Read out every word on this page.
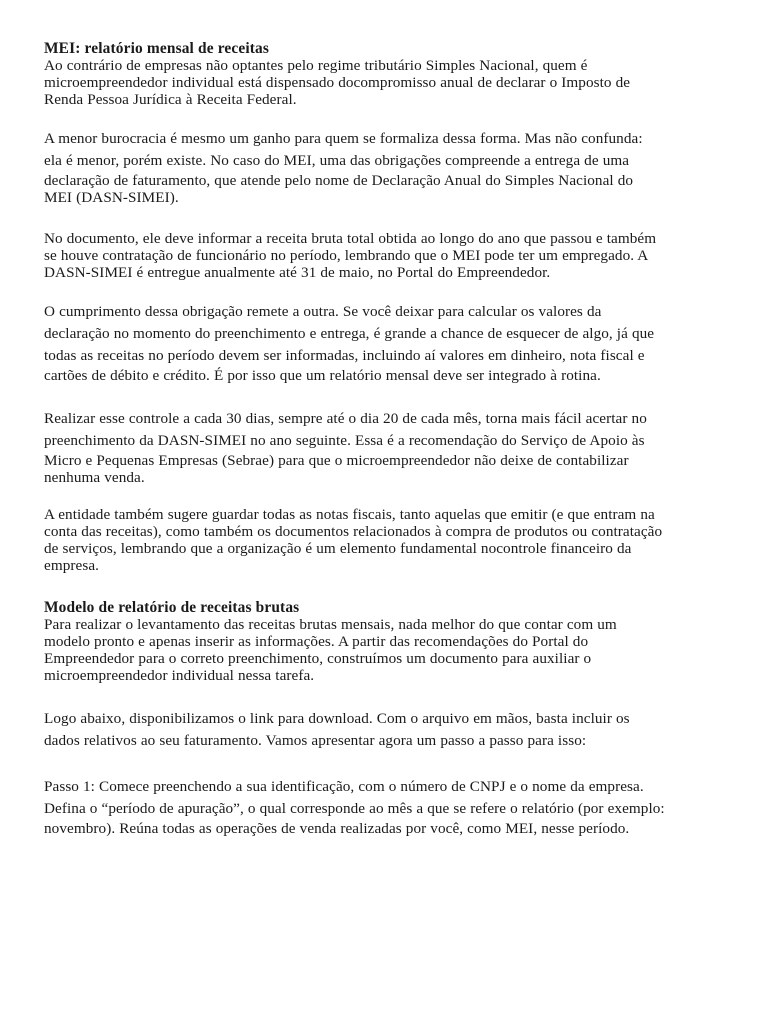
MEI: relatório mensal de receitas

Ao contrário de empresas não optantes pelo regime tributário Simples Nacional, quem é
microempreendedor individual está dispensado docompromisso anual de declarar o Imposto de
Renda Pessoa Jurídica à Receita Federal.

A menor burocracia é mesmo um ganho para quem se formaliza dessa forma. Mas não confunda:
ela é menor, porém existe. No caso do MEI, uma das obrigações compreende a entrega de uma
declaração de faturamento, que atende pelo nome de Declaração Anual do Simples Nacional do
MEI (DASN-SIMEI).

No documento, ele deve informar a receita bruta total obtida ao longo do ano que passou e também
se houve contratação de funcionário no período, lembrando que o MEI pode ter um empregado. A
DASN-SIMEI é entregue anualmente até 31 de maio, no Portal do Empreendedor.

O cumprimento dessa obrigação remete a outra. Se você deixar para calcular os valores da
declaração no momento do preenchimento e entrega, é grande a chance de esquecer de algo, já que
todas as receitas no período devem ser informadas, incluindo aí valores em dinheiro, nota fiscal e
cartões de débito e crédito. É por isso que um relatório mensal deve ser integrado à rotina.

Realizar esse controle a cada 30 dias, sempre até o dia 20 de cada mês, torna mais fácil acertar no
preenchimento da DASN-SIMEI no ano seguinte. Essa é a recomendação do Serviço de Apoio às
Micro e Pequenas Empresas (Sebrae) para que o microempreendedor não deixe de contabilizar
nenhuma venda.

A entidade também sugere guardar todas as notas fiscais, tanto aquelas que emitir (e que entram na
conta das receitas), como também os documentos relacionados à compra de produtos ou contratação
de serviços, lembrando que a organização é um elemento fundamental nocontrole financeiro da
empresa.

Modelo de relatório de receitas brutas

Para realizar o levantamento das receitas brutas mensais, nada melhor do que contar com um
modelo pronto e apenas inserir as informações. A partir das recomendações do Portal do
Empreendedor para o correto preenchimento, construímos um documento para auxiliar o
microempreendedor individual nessa tarefa.

Logo abaixo, disponibilizamos o link para download. Com o arquivo em mãos, basta incluir os
dados relativos ao seu faturamento. Vamos apresentar agora um passo a passo para isso:

Passo 1: Comece preenchendo a sua identificação, com o número de CNPJ e o nome da empresa.
Defina o “período de apuração”, o qual corresponde ao mês a que se refere o relatório (por exemplo:
novembro). Reúna todas as operações de venda realizadas por você, como MEI, nesse período.
